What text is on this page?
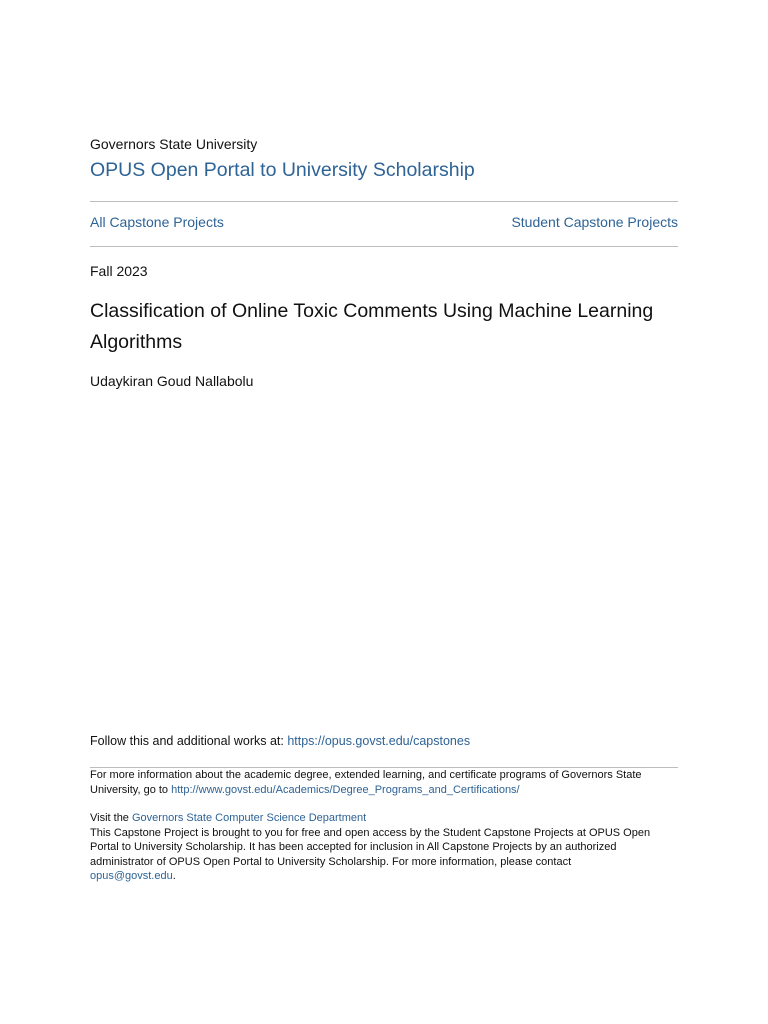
Governors State University
OPUS Open Portal to University Scholarship
All Capstone Projects	Student Capstone Projects
Fall 2023
Classification of Online Toxic Comments Using Machine Learning Algorithms
Udaykiran Goud Nallabolu
Follow this and additional works at: https://opus.govst.edu/capstones
For more information about the academic degree, extended learning, and certificate programs of Governors State University, go to http://www.govst.edu/Academics/Degree_Programs_and_Certifications/
Visit the Governors State Computer Science Department
This Capstone Project is brought to you for free and open access by the Student Capstone Projects at OPUS Open Portal to University Scholarship. It has been accepted for inclusion in All Capstone Projects by an authorized administrator of OPUS Open Portal to University Scholarship. For more information, please contact
opus@govst.edu.
